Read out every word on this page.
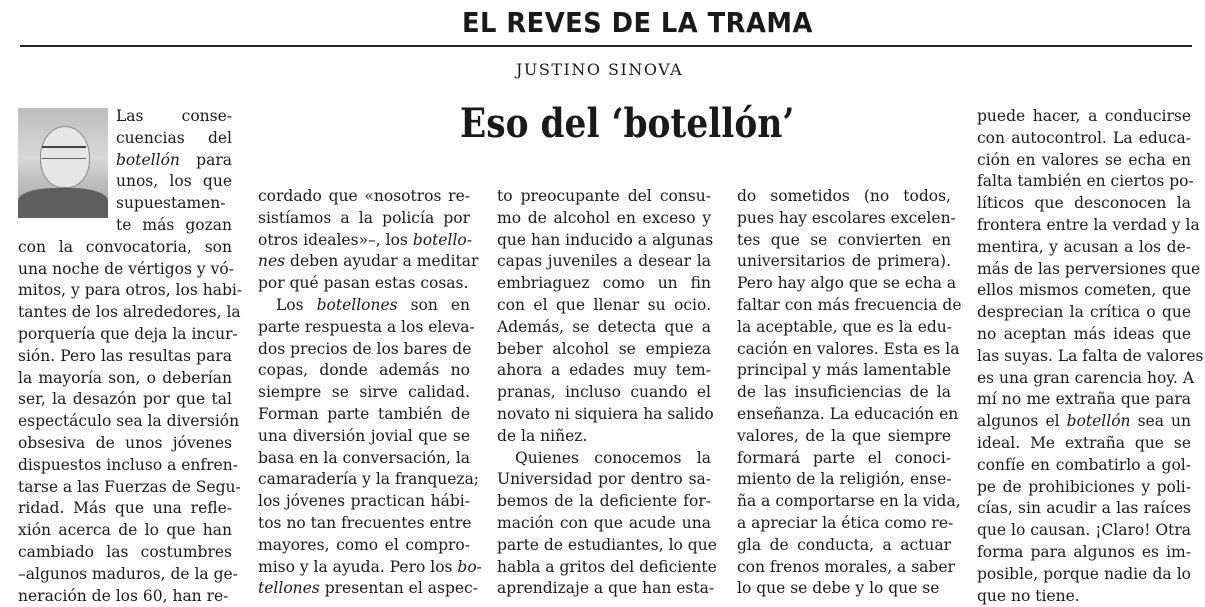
EL REVES DE LA TRAMA
JUSTINO SINOVA
Eso del ‘botellón’
Las conse-
cuencias del
botellón para
unos, los que
supuestamen-
te más gozan
con la convocatoria, son
una noche de vértigos y vó-
mitos, y para otros, los habi-
tantes de los alrededores, la
porquería que deja la incur-
sión. Pero las resultas para
la mayoría son, o deberían
ser, la desazón por que tal
espectáculo sea la diversión
obsesiva de unos jóvenes
dispuestos incluso a enfren-
tarse a las Fuerzas de Segu-
ridad. Más que una refle-
xión acerca de lo que han
cambiado las costumbres
–algunos maduros, de la ge-
neración de los 60, han re-
cordado que «nosotros re-
sistíamos a la policía por
otros ideales»–, los botello-
nes deben ayudar a meditar
por qué pasan estas cosas.
Los botellones son en
parte respuesta a los eleva-
dos precios de los bares de
copas, donde además no
siempre se sirve calidad.
Forman parte también de
una diversión jovial que se
basa en la conversación, la
camaradería y la franqueza;
los jóvenes practican hábi-
tos no tan frecuentes entre
mayores, como el compro-
miso y la ayuda. Pero los bo-
tellones presentan el aspec-
to preocupante del consu-
mo de alcohol en exceso y
que han inducido a algunas
capas juveniles a desear la
embriaguez como un fin
con el que llenar su ocio.
Además, se detecta que a
beber alcohol se empieza
ahora a edades muy tem-
pranas, incluso cuando el
novato ni siquiera ha salido
de la niñez.
Quienes conocemos la
Universidad por dentro sa-
bemos de la deficiente for-
mación con que acude una
parte de estudiantes, lo que
habla a gritos del deficiente
aprendizaje a que han esta-
do sometidos (no todos,
pues hay escolares excelen-
tes que se convierten en
universitarios de primera).
Pero hay algo que se echa a
faltar con más frecuencia de
la aceptable, que es la edu-
cación en valores. Esta es la
principal y más lamentable
de las insuficiencias de la
enseñanza. La educación en
valores, de la que siempre
formará parte el conoci-
miento de la religión, ense-
ña a comportarse en la vida,
a apreciar la ética como re-
gla de conducta, a actuar
con frenos morales, a saber
lo que se debe y lo que se
puede hacer, a conducirse
con autocontrol. La educa-
ción en valores se echa en
falta también en ciertos po-
líticos que desconocen la
frontera entre la verdad y la
mentira, y acusan a los de-
más de las perversiones que
ellos mismos cometen, que
desprecian la crítica o que
no aceptan más ideas que
las suyas. La falta de valores
es una gran carencia hoy. A
mí no me extraña que para
algunos el botellón sea un
ideal. Me extraña que se
confíe en combatirlo a gol-
pe de prohibiciones y poli-
cías, sin acudir a las raíces
que lo causan. ¡Claro! Otra
forma para algunos es im-
posible, porque nadie da lo
que no tiene.
